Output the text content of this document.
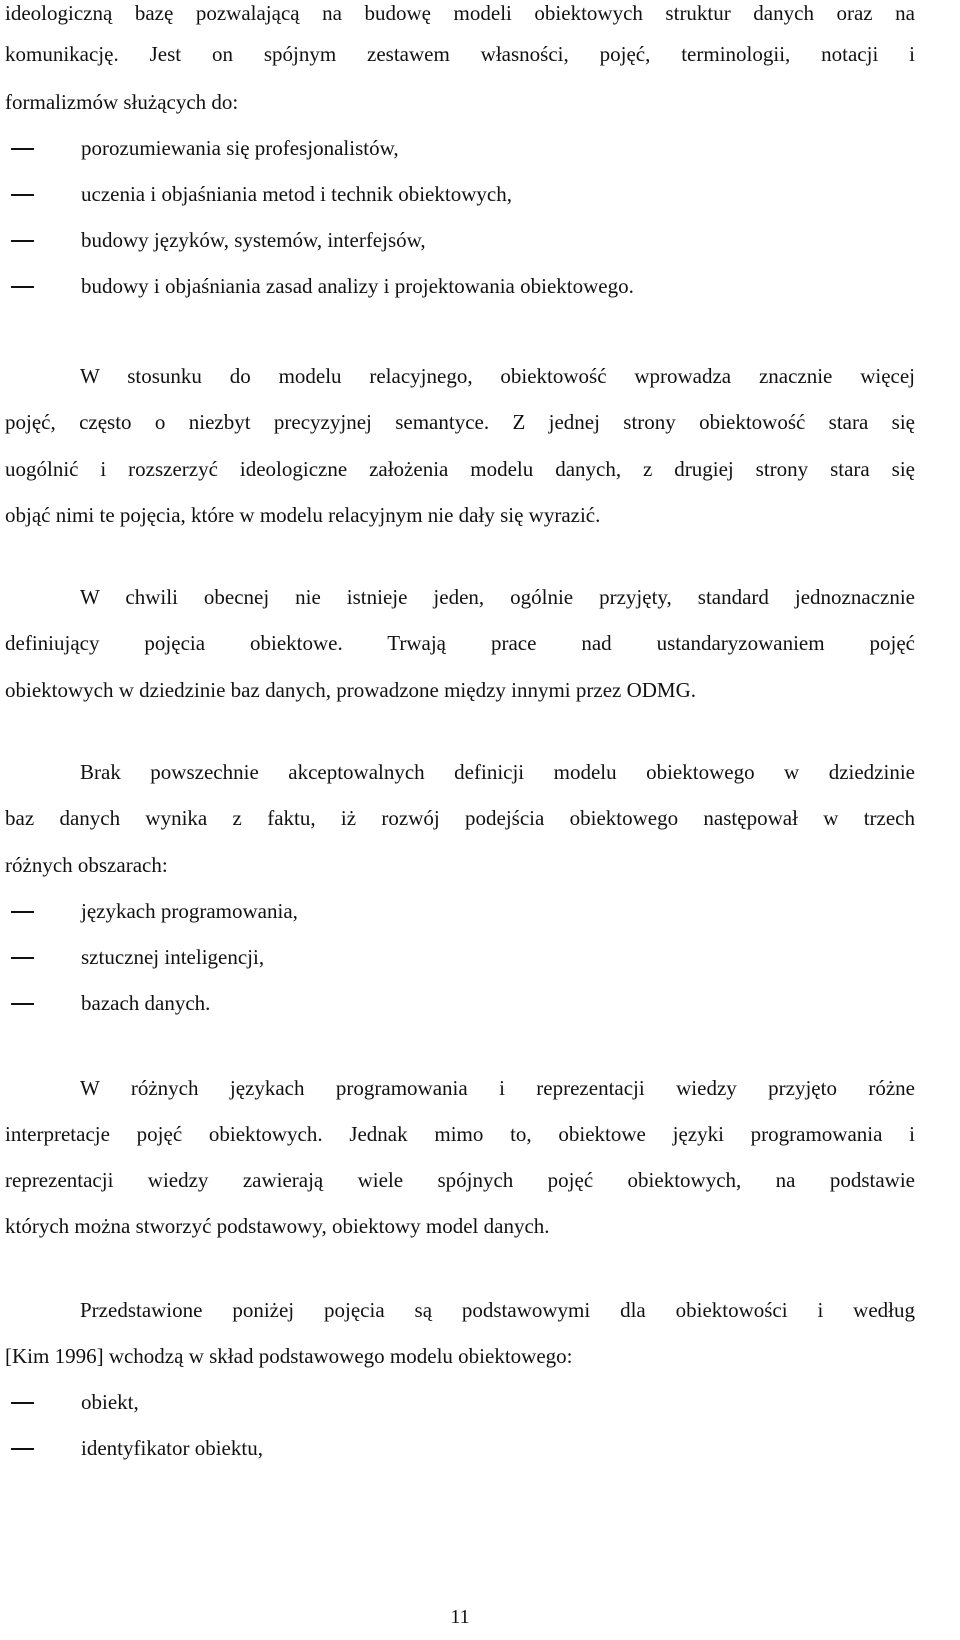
ideologiczną bazę pozwalającą na budowę modeli obiektowych struktur danych oraz na
komunikację. Jest on spójnym zestawem własności, pojęć, terminologii, notacji i
formalizmów służących do:
porozumiewania się profesjonalistów,
uczenia i objaśniania metod i technik obiektowych,
budowy języków, systemów, interfejsów,
budowy i objaśniania zasad analizy i projektowania obiektowego.
W stosunku do modelu relacyjnego, obiektowość wprowadza znacznie więcej
pojęć, często o niezbyt precyzyjnej semantyce. Z jednej strony obiektowość stara się
uogólnić i rozszerzyć ideologiczne założenia modelu danych, z drugiej strony stara się
objąć nimi te pojęcia, które w modelu relacyjnym nie dały się wyrazić.
W chwili obecnej nie istnieje jeden, ogólnie przyjęty, standard jednoznacznie
definiujący pojęcia obiektowe. Trwają prace nad ustandaryzowaniem pojęć
obiektowych w dziedzinie baz danych, prowadzone między innymi przez ODMG.
Brak powszechnie akceptowalnych definicji modelu obiektowego w dziedzinie
baz danych wynika z faktu, iż rozwój podejścia obiektowego następował w trzech
różnych obszarach:
językach programowania,
sztucznej inteligencji,
bazach danych.
W różnych językach programowania i reprezentacji wiedzy przyjęto różne
interpretacje pojęć obiektowych. Jednak mimo to, obiektowe języki programowania i
reprezentacji wiedzy zawierają wiele spójnych pojęć obiektowych, na podstawie
których można stworzyć podstawowy, obiektowy model danych.
Przedstawione poniżej pojęcia są podstawowymi dla obiektowości i według
[Kim 1996] wchodzą w skład podstawowego modelu obiektowego:
obiekt,
identyfikator obiektu,
11
